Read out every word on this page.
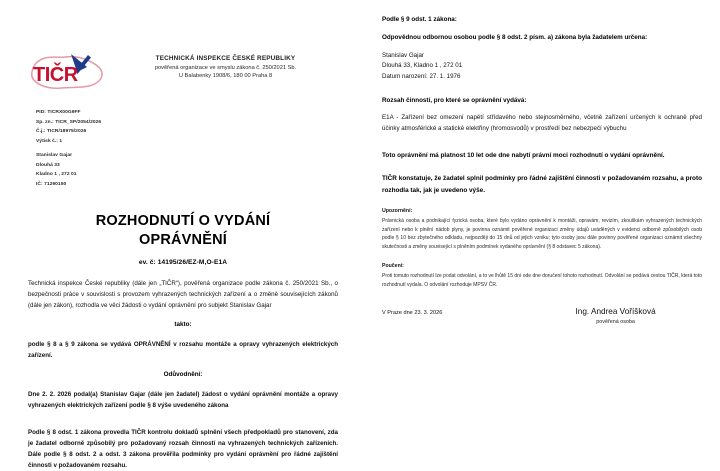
TIČR
TECHNICKÁ INSPEKCE ČESKÉ REPUBLIKY
pověřená organizace ve smyslu zákona č. 250/2021 Sb.
U Balabenky 1908/6, 180 00 Praha 8
PID: TICRX00G9FF
Sp. zn.: TICR_SP/2054/2026
Č.j.: TICR/18975/2026
Výtisk č.: 1
Stanislav Gajar
Dlouhá 33
Kladno 1 , 272 01
IČ: 71290150
ROZHODNUTÍ O VYDÁNÍ
OPRÁVNĚNÍ
ev. č: 14195/26/EZ-M,O-E1A

Technická inspekce České republiky (dále jen „TIČR“), pověřená organizace podle zákona č. 250/2021 Sb., o bezpečnosti práce v souvislosti s provozem vyhrazených technických zařízení a o změně souvisejících zákonů (dále jen zákon), rozhodla ve věci žádosti o vydání oprávnění pro subjekt Stanislav Gajar

takto:

podle § 8 a § 9 zákona se vydává OPRÁVNĚNÍ v rozsahu montáže a opravy vyhrazených elektrických zařízení.

Odůvodnění:

Dne 2. 2. 2026 podal(a) Stanislav Gajar (dále jen žadatel) žádost o vydání oprávnění montáže a opravy vyhrazených elektrických zařízení podle § 8 výše uvedeného zákona

Podle § 8 odst. 1 zákona provedla TIČR kontrolu dokladů splnění všech předpokladů pro stanovení, zda je žadatel odborně způsobilý pro požadovaný rozsah činností na vyhrazených technických zařízeních. Dále podle § 8 odst. 2 a odst. 3 zákona prověřila podmínky pro vydání oprávnění pro řádné zajištění činnosti v požadovaném rozsahu.

Podle § 9 odst. 1 zákona:
Odpovědnou odbornou osobou podle § 8 odst. 2 písm. a) zákona byla žadatelem určena:
Stanislav Gajar
Dlouhá 33, Kladno 1 , 272 01
Datum narození: 27. 1. 1976
Rozsah činností, pro které se oprávnění vydává:

E1A - Zařízení bez omezení napětí střídavého nebo stejnosměrného, včetně zařízení určených k ochraně před účinky atmosférické a statické elektřiny (hromosvodů) v prostředí bez nebezpečí výbuchu

Toto oprávnění má platnost 10 let ode dne nabytí právní moci rozhodnutí o vydání oprávnění.

TIČR konstatuje, že žadatel splnil podmínky pro řádné zajištění činnosti v požadovaném rozsahu, a proto rozhodla tak, jak je uvedeno výše.

Upozornění:

Právnická osoba a podnikající fyzická osoba, které bylo vydáno oprávnění k montáži, opravám, revizím, zkouškám vyhrazených technických zařízení nebo k plnění nádob plyny, je povinna oznámit pověřené organizaci změny údajů uváděných v evidenci odborně způsobilých osob podle § 10 bez zbytečného odkladu, nejpozději do 15 dnů od jejich vzniku; tyto osoby jsou dále povinny pověřené organizaci oznámit všechny skutečnosti a změny související s plněním podmínek vydaného oprávnění (§ 8 odstavec 5 zákona).

Poučení:

Proti tomuto rozhodnutí lze podat odvolání, a to ve lhůtě 15 dní ode dne doručení tohoto rozhodnutí. Odvolání se podává cestou TIČR, která toto rozhodnutí vydala. O odvolání rozhoduje MPSV ČR.

V Praze dne 23. 3. 2026	Ing. Andrea Voříšková
pověřená osoba
